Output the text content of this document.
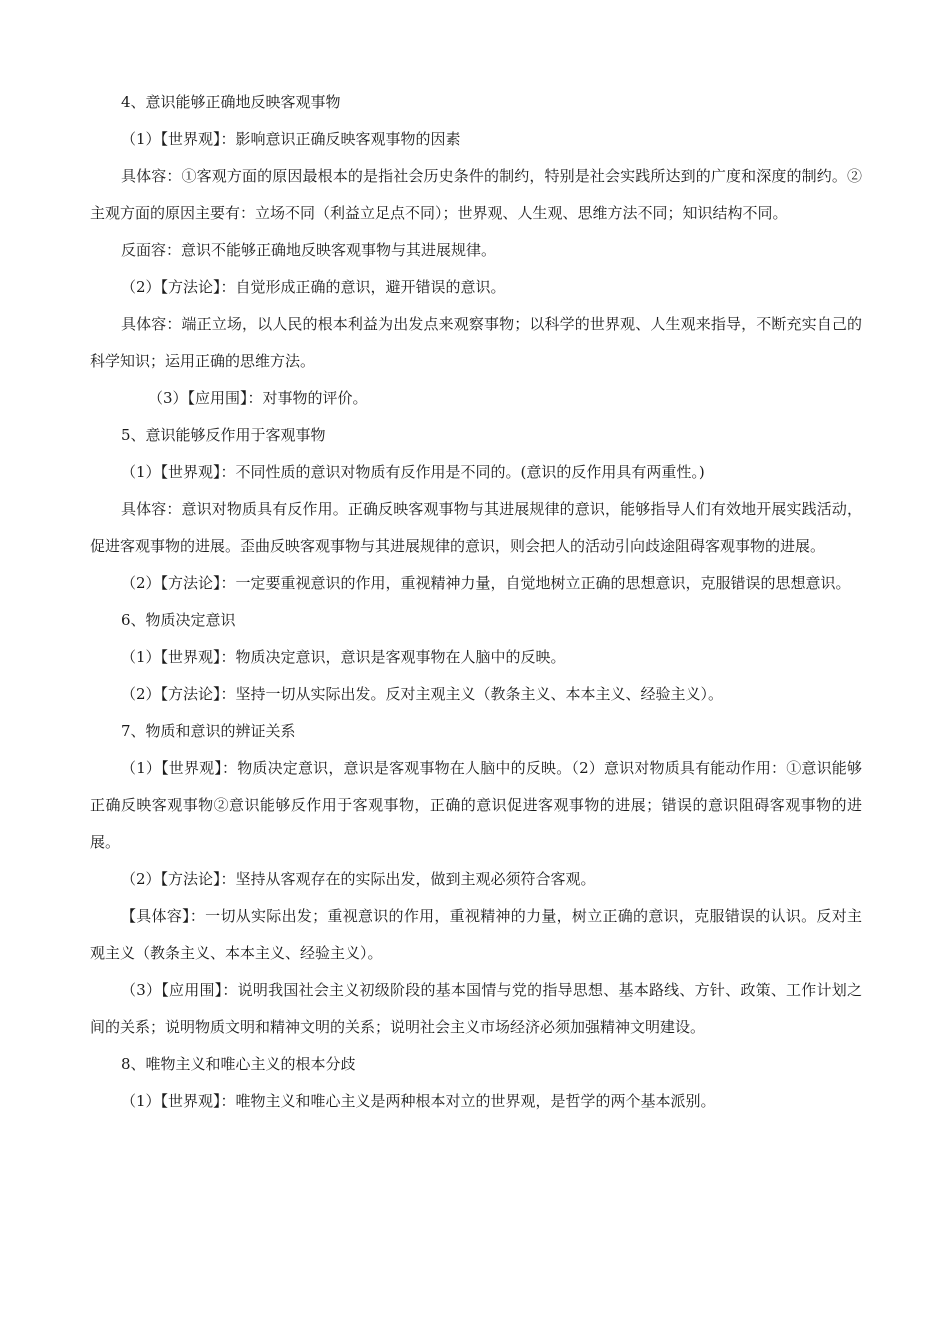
4、意识能够正确地反映客观事物

（1）【世界观】：影响意识正确反映客观事物的因素

具体容：①客观方面的原因最根本的是指社会历史条件的制约，特别是社会实践所达到的广度和深度的制约。②主观方面的原因主要有：立场不同（利益立足点不同）；世界观、人生观、思维方法不同；知识结构不同。

反面容：意识不能够正确地反映客观事物与其进展规律。

（2）【方法论】：自觉形成正确的意识，避开错误的意识。

具体容：端正立场，以人民的根本利益为出发点来观察事物；以科学的世界观、人生观来指导，不断充实自己的科学知识；运用正确的思维方法。

（3）【应用围】：对事物的评价。

5、意识能够反作用于客观事物

（1）【世界观】：不同性质的意识对物质有反作用是不同的。(意识的反作用具有两重性。)

具体容：意识对物质具有反作用。正确反映客观事物与其进展规律的意识，能够指导人们有效地开展实践活动，促进客观事物的进展。歪曲反映客观事物与其进展规律的意识，则会把人的活动引向歧途阻碍客观事物的进展。

（2）【方法论】：一定要重视意识的作用，重视精神力量，自觉地树立正确的思想意识，克服错误的思想意识。

6、物质决定意识

（1）【世界观】：物质决定意识，意识是客观事物在人脑中的反映。

（2）【方法论】：坚持一切从实际出发。反对主观主义（教条主义、本本主义、经验主义）。

7、物质和意识的辨证关系

（1）【世界观】：物质决定意识，意识是客观事物在人脑中的反映。（2）意识对物质具有能动作用：①意识能够正确反映客观事物②意识能够反作用于客观事物，正确的意识促进客观事物的进展；错误的意识阻碍客观事物的进展。

（2）【方法论】：坚持从客观存在的实际出发，做到主观必须符合客观。

【具体容】：一切从实际出发；重视意识的作用，重视精神的力量，树立正确的意识，克服错误的认识。反对主观主义（教条主义、本本主义、经验主义）。

（3）【应用围】：说明我国社会主义初级阶段的基本国情与党的指导思想、基本路线、方针、政策、工作计划之间的关系；说明物质文明和精神文明的关系；说明社会主义市场经济必须加强精神文明建设。

8、唯物主义和唯心主义的根本分歧

（1）【世界观】：唯物主义和唯心主义是两种根本对立的世界观，是哲学的两个基本派别。
